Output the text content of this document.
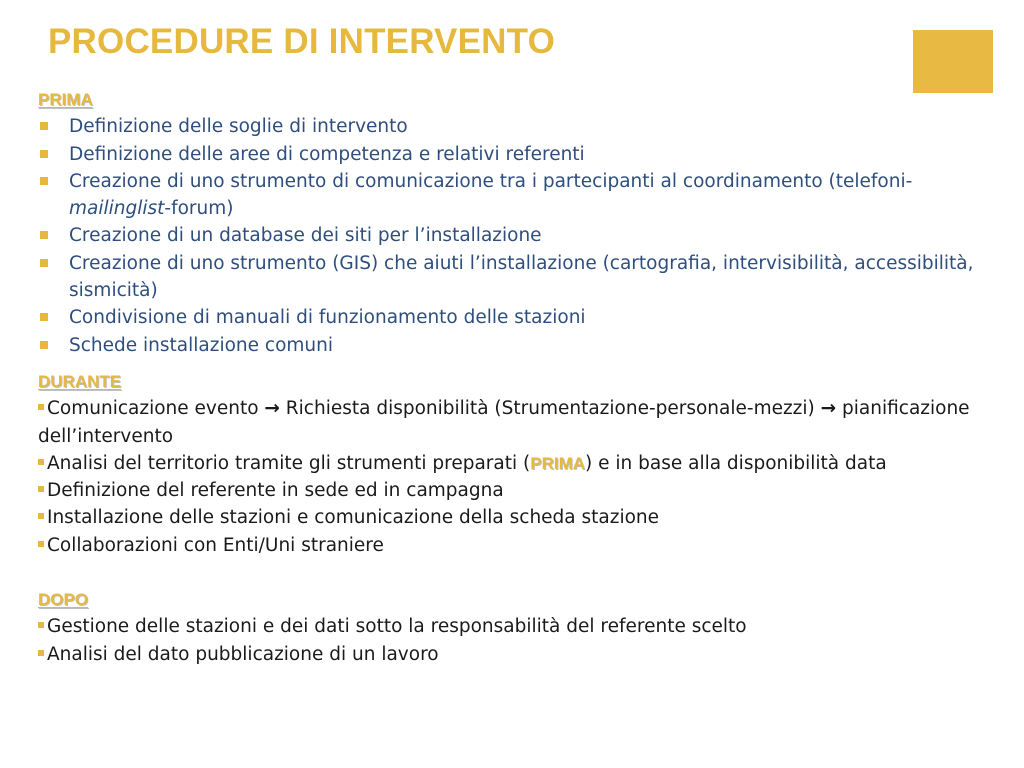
PROCEDURE DI INTERVENTO
PRIMA
Definizione delle soglie di intervento
Definizione delle aree di competenza e relativi referenti
Creazione di uno strumento di comunicazione tra i partecipanti al coordinamento (telefoni-mailinglist-forum)
Creazione di un database dei siti per l’installazione
Creazione di uno strumento (GIS) che aiuti l’installazione (cartografia, intervisibilità, accessibilità, sismicità)
Condivisione di manuali di funzionamento delle stazioni
Schede installazione comuni
DURANTE
Comunicazione evento → Richiesta disponibilità (Strumentazione-personale-mezzi) → pianificazione dell’intervento
Analisi del territorio tramite gli strumenti preparati (PRIMA) e in base alla disponibilità data
Definizione del referente in sede ed in campagna
Installazione delle stazioni e comunicazione della scheda stazione
Collaborazioni con Enti/Uni straniere
DOPO
Gestione delle stazioni e dei dati sotto la responsabilità del referente scelto
Analisi del dato pubblicazione di un lavoro
